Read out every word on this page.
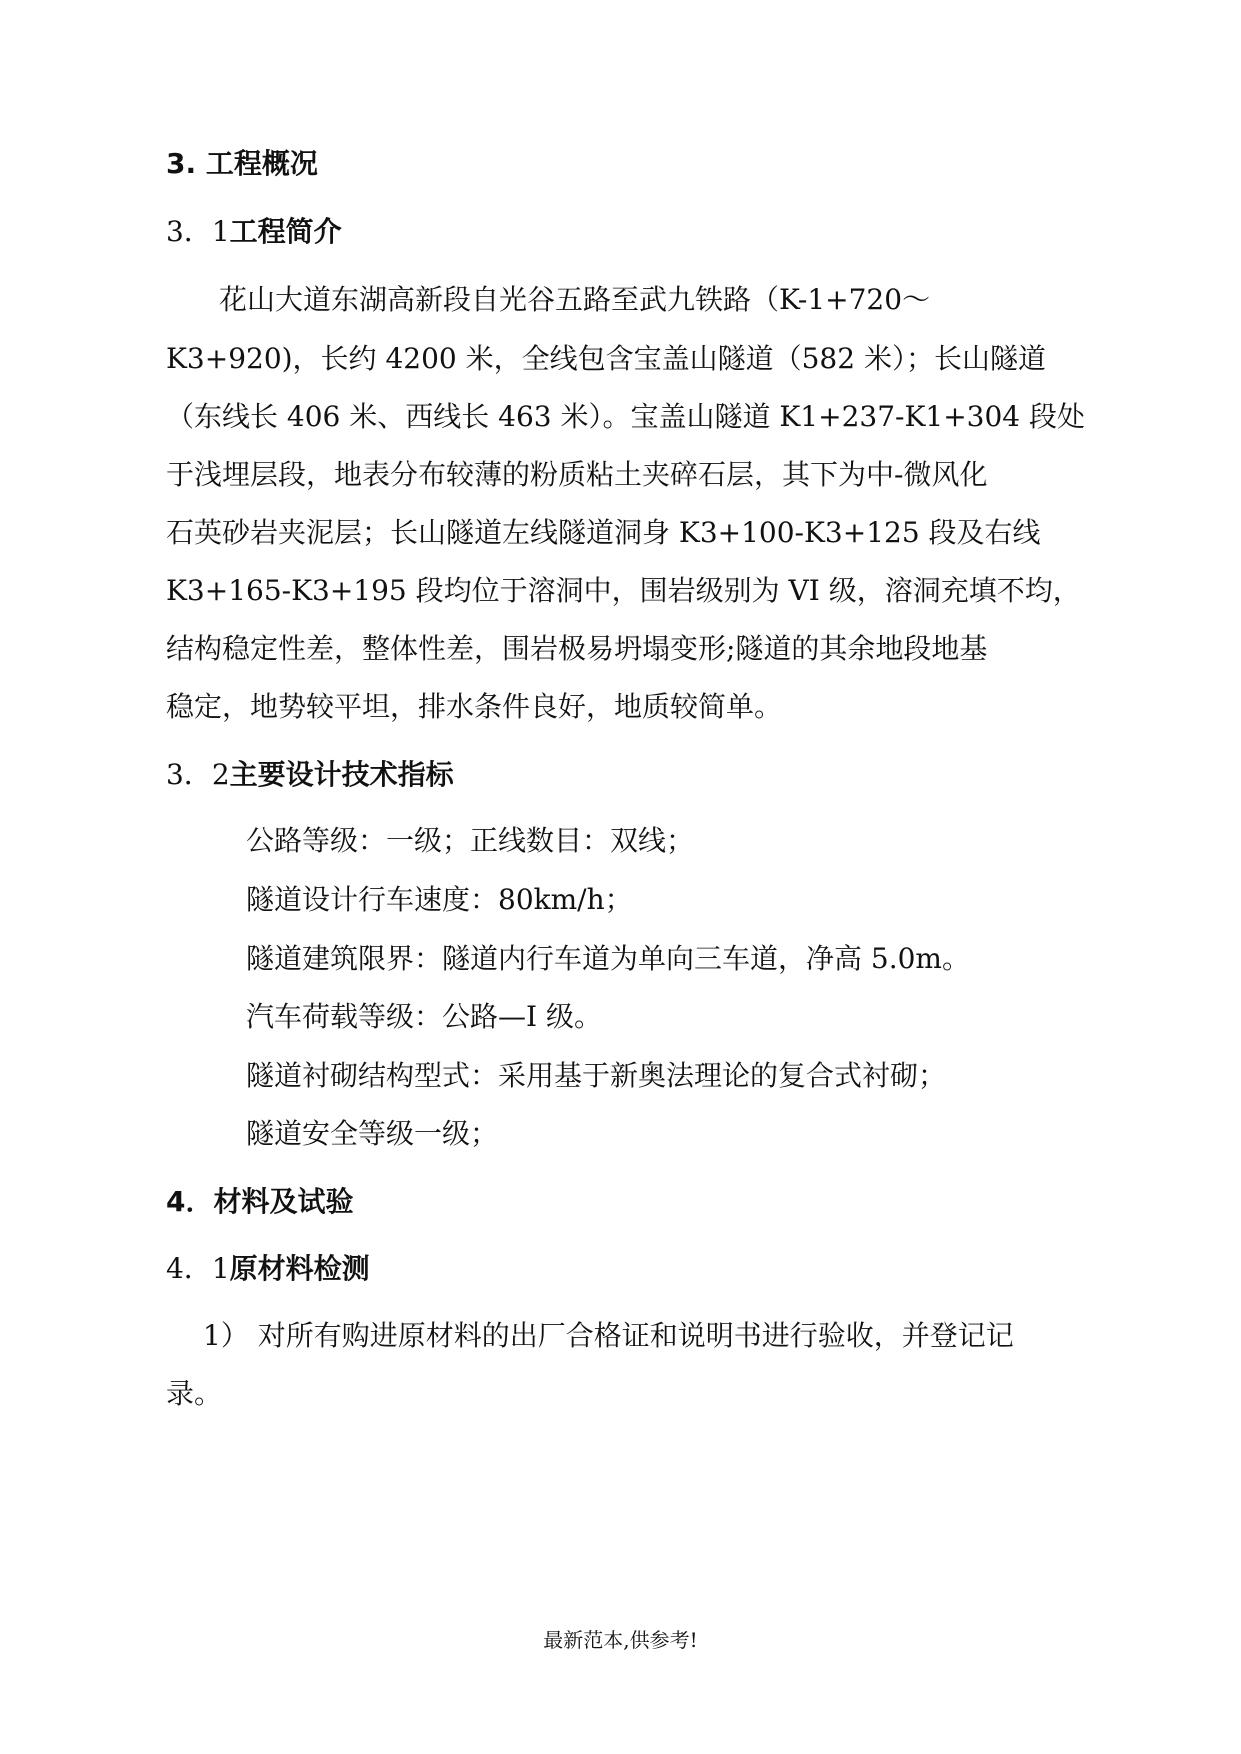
3. 工程概况
3．1工程简介
花山大道东湖高新段自光谷五路至武九铁路（K-1+720～
K3+920)，长约 4200 米，全线包含宝盖山隧道（582 米）；长山隧道
（东线长 406 米、西线长 463 米）。宝盖山隧道 K1+237-K1+304 段处
于浅埋层段，地表分布较薄的粉质粘土夹碎石层，其下为中-微风化
石英砂岩夹泥层；长山隧道左线隧道洞身 K3+100-K3+125 段及右线
K3+165-K3+195 段均位于溶洞中，围岩级别为 VI 级，溶洞充填不均，
结构稳定性差，整体性差，围岩极易坍塌变形;隧道的其余地段地基
稳定，地势较平坦，排水条件良好，地质较简单。
3．2主要设计技术指标
公路等级：一级；正线数目：双线；
隧道设计行车速度：80km/h；
隧道建筑限界：隧道内行车道为单向三车道，净高 5.0m。
汽车荷载等级：公路—I 级。
隧道衬砌结构型式：采用基于新奥法理论的复合式衬砌；
隧道安全等级一级；
4．材料及试验
4．1原材料检测
1） 对所有购进原材料的出厂合格证和说明书进行验收，并登记记
录。
最新范本,供参考!
